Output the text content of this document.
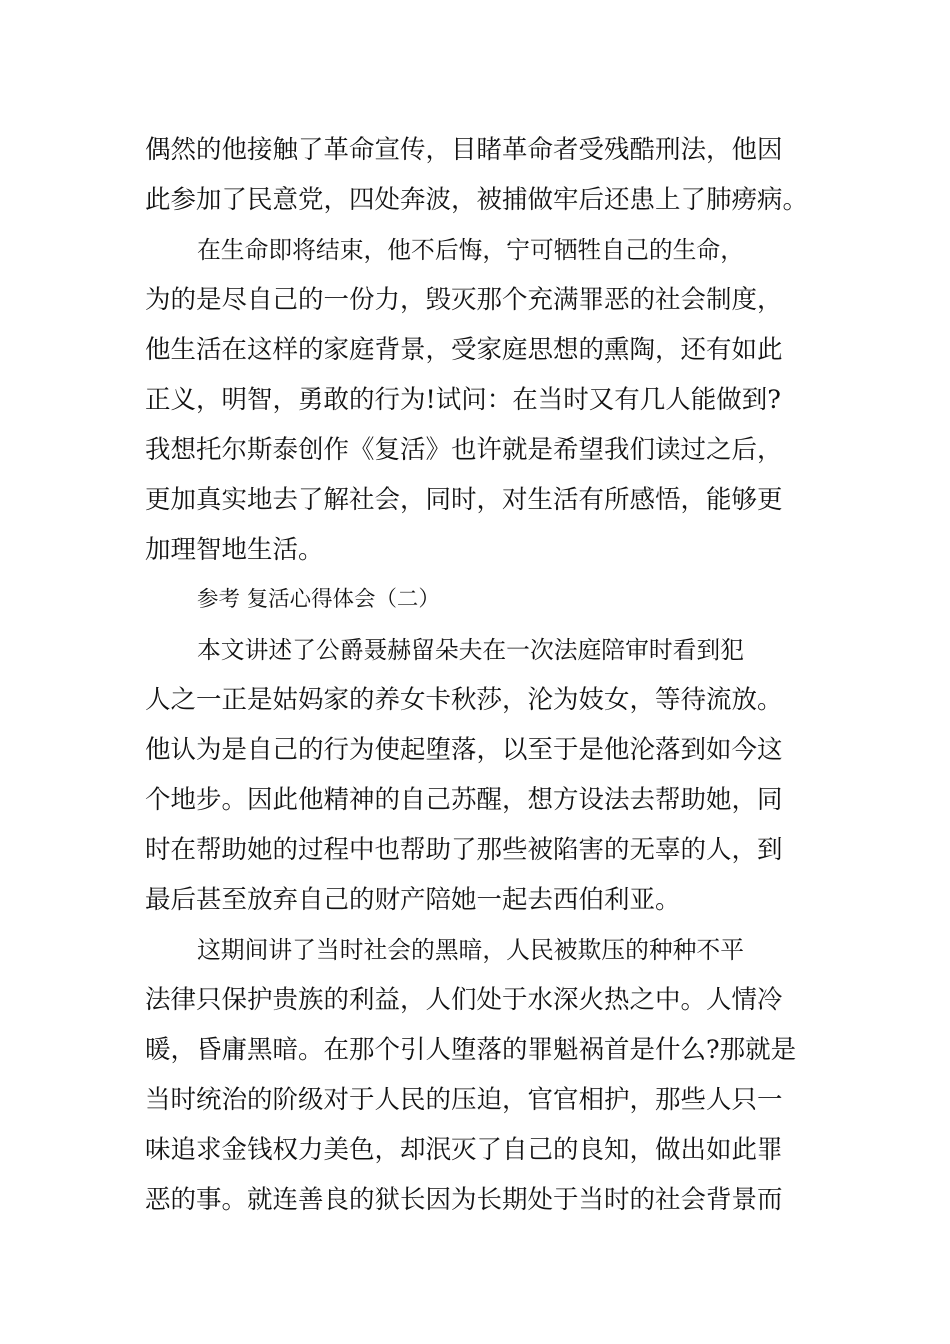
偶然的他接触了革命宣传，目睹革命者受残酷刑法，他因
此参加了民意党，四处奔波，被捕做牢后还患上了肺痨病。
在生命即将结束，他不后悔，宁可牺牲自己的生命，
为的是尽自己的一份力，毁灭那个充满罪恶的社会制度，
他生活在这样的家庭背景，受家庭思想的熏陶，还有如此
正义，明智，勇敢的行为!试问：在当时又有几人能做到?
我想托尔斯泰创作《复活》也许就是希望我们读过之后，
更加真实地去了解社会，同时，对生活有所感悟，能够更
加理智地生活。
参考 复活心得体会（二）
本文讲述了公爵聂赫留朵夫在一次法庭陪审时看到犯
人之一正是姑妈家的养女卡秋莎，沦为妓女，等待流放。
他认为是自己的行为使起堕落，以至于是他沦落到如今这
个地步。因此他精神的自己苏醒，想方设法去帮助她，同
时在帮助她的过程中也帮助了那些被陷害的无辜的人，到
最后甚至放弃自己的财产陪她一起去西伯利亚。
这期间讲了当时社会的黑暗，人民被欺压的种种不平
法律只保护贵族的利益，人们处于水深火热之中。人情冷
暖，昏庸黑暗。在那个引人堕落的罪魁祸首是什么?那就是
当时统治的阶级对于人民的压迫，官官相护，那些人只一
味追求金钱权力美色，却泯灭了自己的良知，做出如此罪
恶的事。就连善良的狱长因为长期处于当时的社会背景而
